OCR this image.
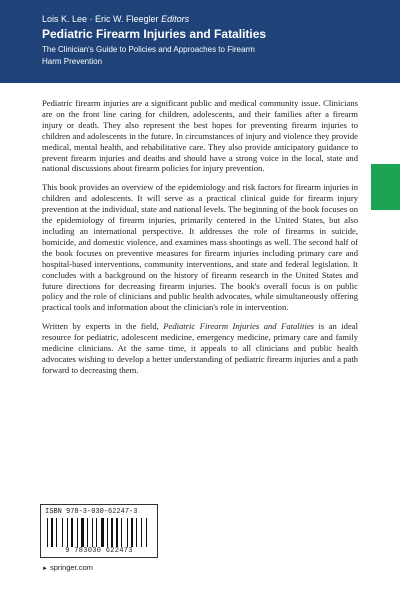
Lois K. Lee · Eric W. Fleegler Editors
Pediatric Firearm Injuries and Fatalities
The Clinician's Guide to Policies and Approaches to Firearm Harm Prevention

Pediatric firearm injuries are a significant public and medical community issue. Clinicians are on the front line caring for children, adolescents, and their families after a firearm injury or death. They also represent the best hopes for preventing firearm injuries to children and adolescents in the future. In circumstances of injury and violence they provide medical, mental health, and rehabilitative care. They also provide anticipatory guidance to prevent firearm injuries and deaths and should have a strong voice in the local, state and national discussions about firearm policies for injury prevention.

This book provides an overview of the epidemiology and risk factors for firearm injuries in children and adolescents. It will serve as a practical clinical guide for firearm injury prevention at the individual, state and national levels. The beginning of the book focuses on the epidemiology of firearm injuries, primarily centered in the United States, but also including an international perspective. It addresses the role of firearms in suicide, homicide, and domestic violence, and examines mass shootings as well. The second half of the book focuses on preventive measures for firearm injuries including primary care and hospital-based interventions, community interventions, and state and federal legislation. It concludes with a background on the history of firearm research in the United States and future directions for decreasing firearm injuries. The book's overall focus is on public policy and the role of clinicians and public health advocates, while simultaneously offering practical tools and information about the clinician's role in intervention.

Written by experts in the field, Pediatric Firearm Injuries and Fatalities is an ideal resource for pediatric, adolescent medicine, emergency medicine, primary care and family medicine clinicians. At the same time, it appeals to all clinicians and public health advocates wishing to develop a better understanding of pediatric firearm injuries and a path forward to decreasing them.

ISBN 978-3-030-62247-3
9 783030 622473
► springer.com
